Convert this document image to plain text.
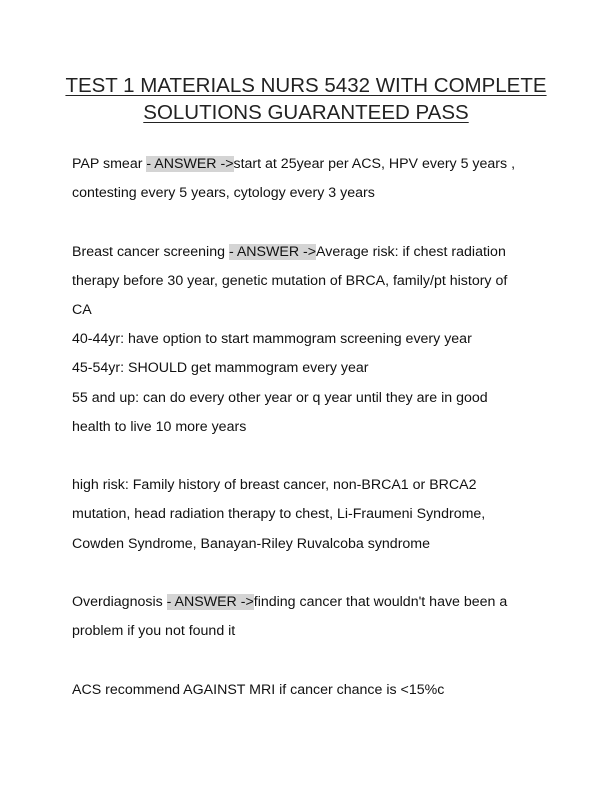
TEST 1 MATERIALS NURS 5432 WITH COMPLETE
SOLUTIONS GUARANTEED PASS
PAP smear - ANSWER ->start at 25year per ACS, HPV every 5 years ,
contesting every 5 years, cytology every 3 years
Breast cancer screening - ANSWER ->Average risk: if chest radiation
therapy before 30 year, genetic mutation of BRCA, family/pt history of
CA
40-44yr: have option to start mammogram screening every year
45-54yr: SHOULD get mammogram every year
55 and up: can do every other year or q year until they are in good
health to live 10 more years
high risk: Family history of breast cancer, non-BRCA1 or BRCA2
mutation, head radiation therapy to chest, Li-Fraumeni Syndrome,
Cowden Syndrome, Banayan-Riley Ruvalcoba syndrome
Overdiagnosis - ANSWER ->finding cancer that wouldn't have been a
problem if you not found it
ACS recommend AGAINST MRI if cancer chance is <15%c
